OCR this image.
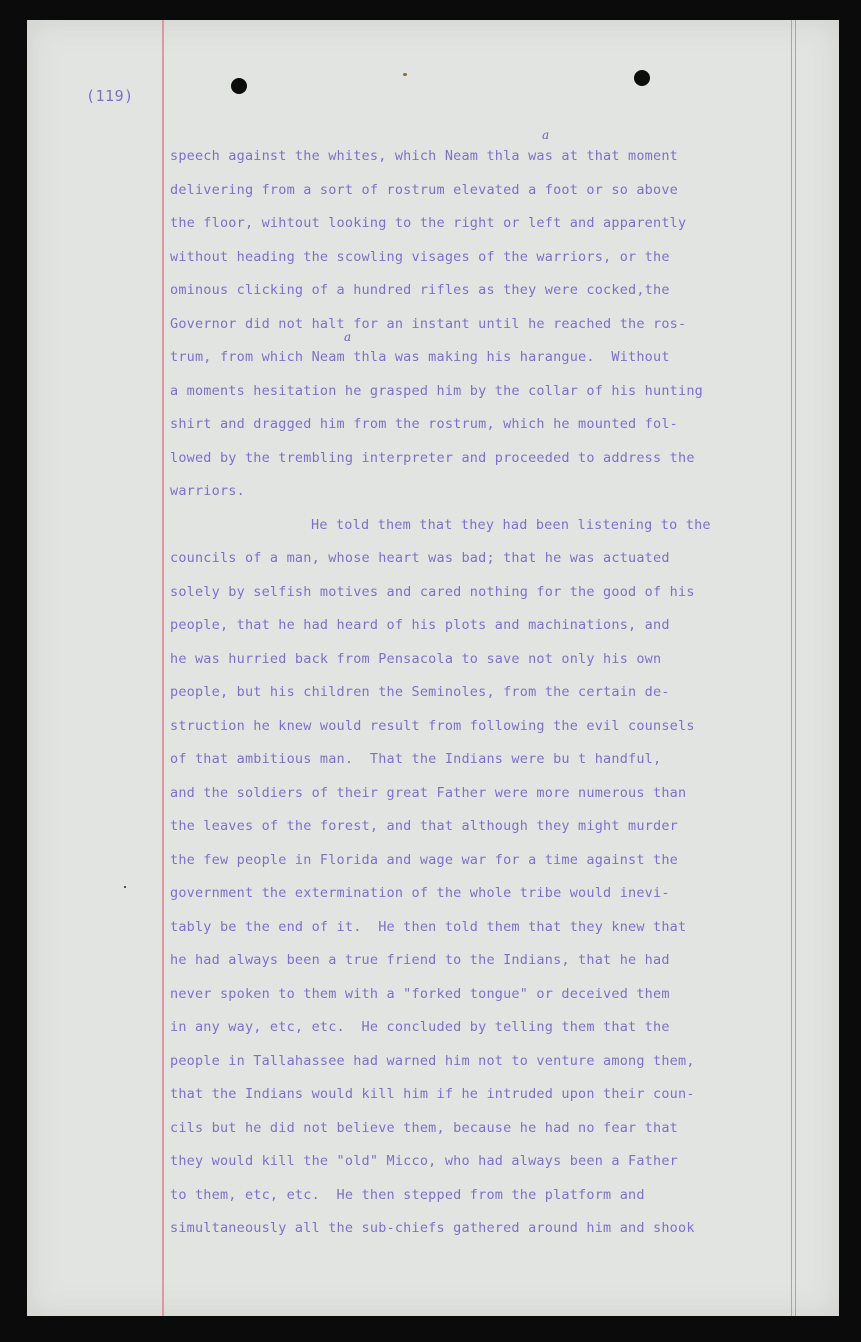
(119)

a
a
speech against the whites, which Neam thla was at that moment
delivering from a sort of rostrum elevated a foot or so above
the floor, wihtout looking to the right or left and apparently
without heading the scowling visages of the warriors, or the
ominous clicking of a hundred rifles as they were cocked,the
Governor did not halt for an instant until he reached the ros-
trum, from which Neam thla was making his harangue.  Without
a moments hesitation he grasped him by the collar of his hunting
shirt and dragged him from the rostrum, which he mounted fol-
lowed by the trembling interpreter and proceeded to address the
warriors.
He told them that they had been listening to the
councils of a man, whose heart was bad; that he was actuated
solely by selfish motives and cared nothing for the good of his
people, that he had heard of his plots and machinations, and
he was hurried back from Pensacola to save not only his own
people, but his children the Seminoles, from the certain de-
struction he knew would result from following the evil counsels
of that ambitious man.  That the Indians were bu t handful,
and the soldiers of their great Father were more numerous than
the leaves of the forest, and that although they might murder
the few people in Florida and wage war for a time against the
government the extermination of the whole tribe would inevi-
tably be the end of it.  He then told them that they knew that
he had always been a true friend to the Indians, that he had
never spoken to them with a "forked tongue" or deceived them
in any way, etc, etc.  He concluded by telling them that the
people in Tallahassee had warned him not to venture among them,
that the Indians would kill him if he intruded upon their coun-
cils but he did not believe them, because he had no fear that
they would kill the "old" Micco, who had always been a Father
to them, etc, etc.  He then stepped from the platform and
simultaneously all the sub-chiefs gathered around him and shook
